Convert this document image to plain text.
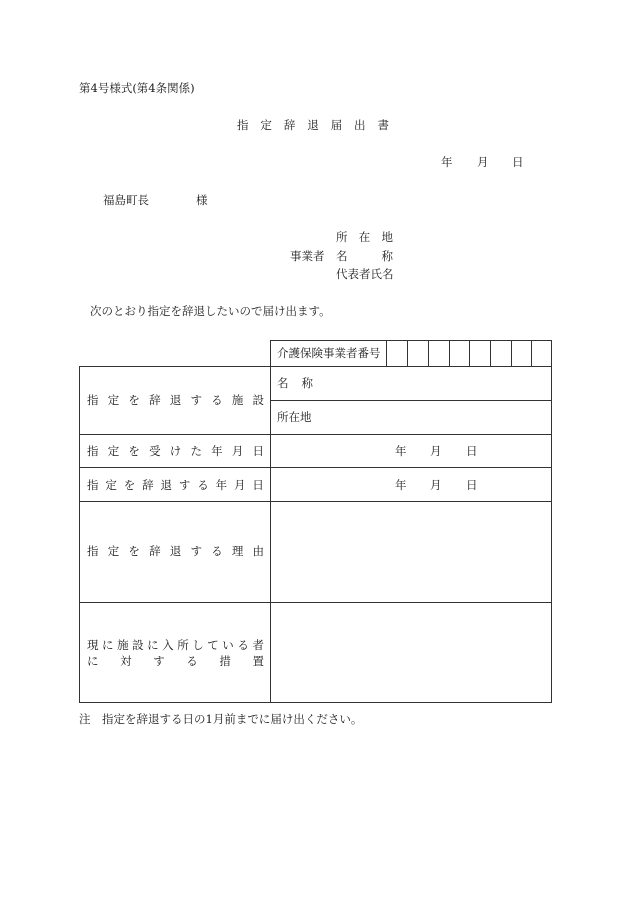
第4号様式(第4条関係)
指 定 辞 退 届 出 書
年 月 日
福島町長	様
所 在 地
事業者 名	称
代表者氏名
次のとおり指定を辞退したいので届け出ます。
介護保険事業者番号
指 定 を 辞 退 す る 施 設
名 称
所在地
指 定 を 受 け た 年 月 日	年 月 日
指 定 を 辞 退 す る 年 月 日	年 月 日
指 定 を 辞 退 す る 理 由
現 に 施 設 に 入 所 し て い る 者
に 対 す る 措 置
注　指定を辞退する日の1月前までに届け出ください。
